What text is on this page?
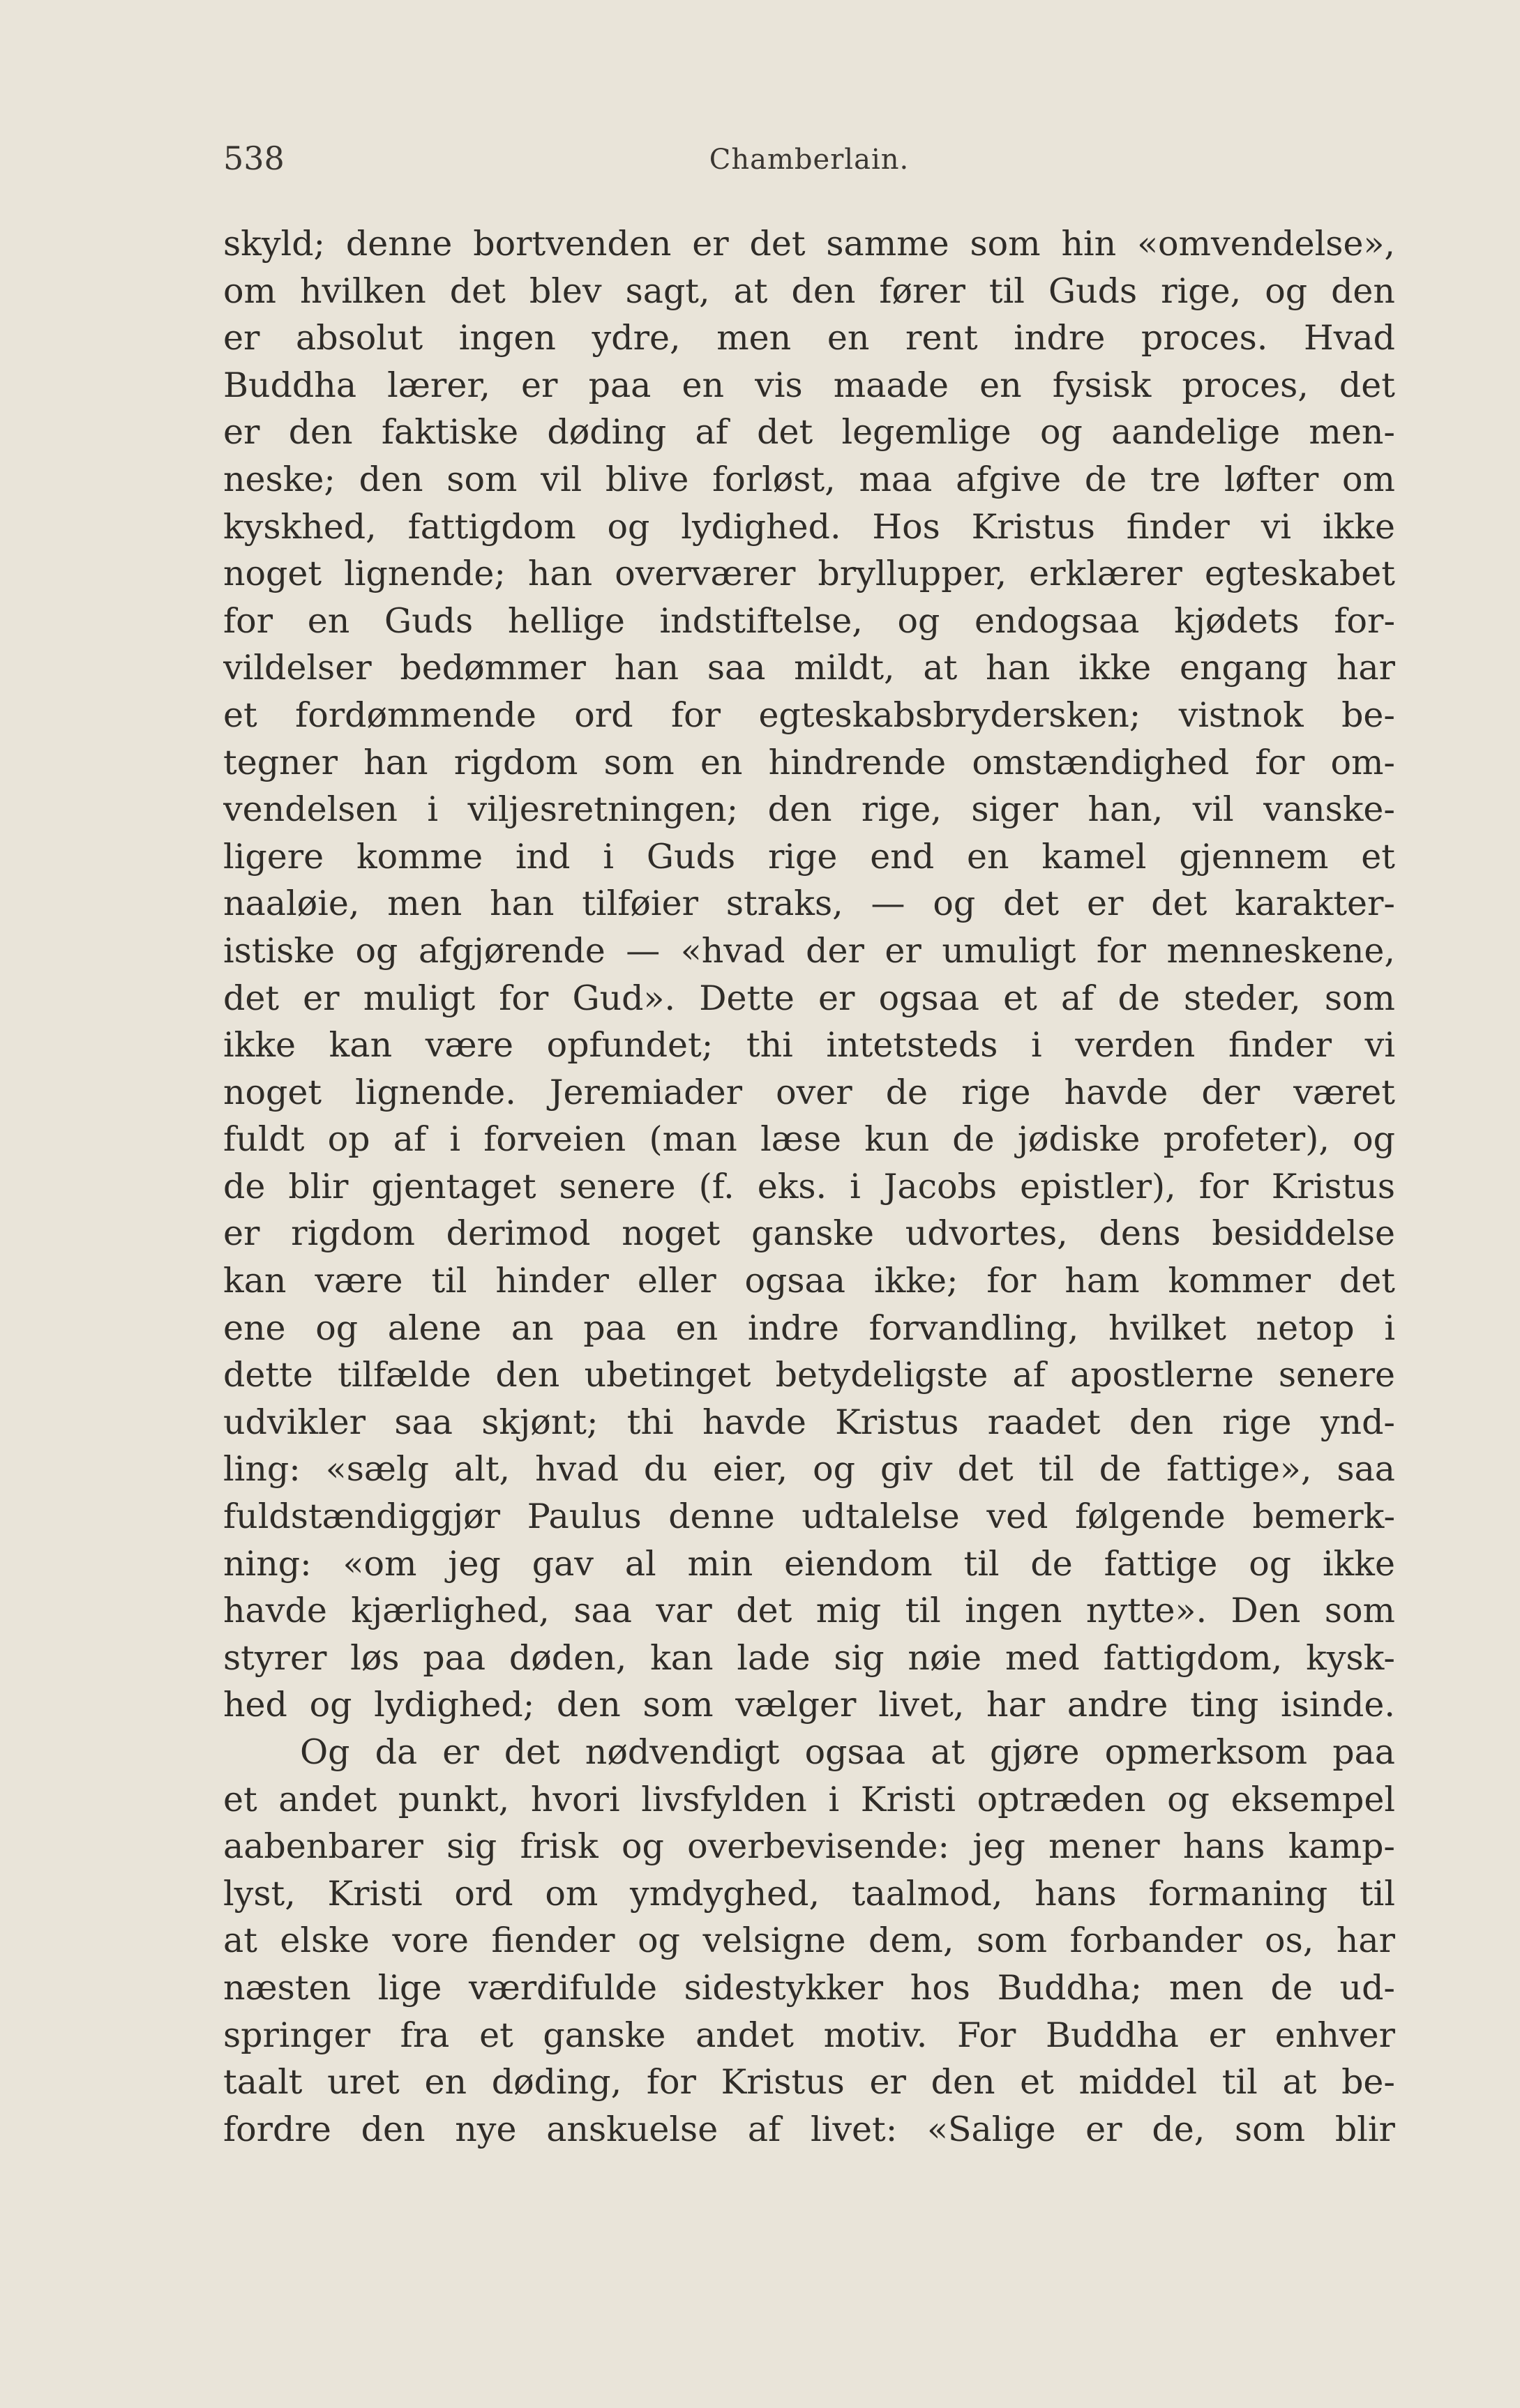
538	Chamberlain.
skyld; denne bortvenden er det samme som hin «omvendelse»,
om hvilken det blev sagt, at den fører til Guds rige, og den
er absolut ingen ydre, men en rent indre proces. Hvad
Buddha lærer, er paa en vis maade en fysisk proces, det
er den faktiske døding af det legemlige og aandelige men-
neske; den som vil blive forløst, maa afgive de tre løfter om
kyskhed, fattigdom og lydighed. Hos Kristus finder vi ikke
noget lignende; han overværer bryllupper, erklærer egteskabet
for en Guds hellige indstiftelse, og endogsaa kjødets for-
vildelser bedømmer han saa mildt, at han ikke engang har
et fordømmende ord for egteskabsbrydersken; vistnok be-
tegner han rigdom som en hindrende omstændighed for om-
vendelsen i viljesretningen; den rige, siger han, vil vanske-
ligere komme ind i Guds rige end en kamel gjennem et
naaløie, men han tilføier straks, — og det er det karakter-
istiske og afgjørende — «hvad der er umuligt for menneskene,
det er muligt for Gud». Dette er ogsaa et af de steder, som
ikke kan være opfundet; thi intetsteds i verden finder vi
noget lignende. Jeremiader over de rige havde der været
fuldt op af i forveien (man læse kun de jødiske profeter), og
de blir gjentaget senere (f. eks. i Jacobs epistler), for Kristus
er rigdom derimod noget ganske udvortes, dens besiddelse
kan være til hinder eller ogsaa ikke; for ham kommer det
ene og alene an paa en indre forvandling, hvilket netop i
dette tilfælde den ubetinget betydeligste af apostlerne senere
udvikler saa skjønt; thi havde Kristus raadet den rige ynd-
ling: «sælg alt, hvad du eier, og giv det til de fattige», saa
fuldstændiggjør Paulus denne udtalelse ved følgende bemerk-
ning: «om jeg gav al min eiendom til de fattige og ikke
havde kjærlighed, saa var det mig til ingen nytte». Den som
styrer løs paa døden, kan lade sig nøie med fattigdom, kysk-
hed og lydighed; den som vælger livet, har andre ting isinde.
Og da er det nødvendigt ogsaa at gjøre opmerksom paa
et andet punkt, hvori livsfylden i Kristi optræden og eksempel
aabenbarer sig frisk og overbevisende: jeg mener hans kamp-
lyst, Kristi ord om ymdyghed, taalmod, hans formaning til
at elske vore fiender og velsigne dem, som forbander os, har
næsten lige værdifulde sidestykker hos Buddha; men de ud-
springer fra et ganske andet motiv. For Buddha er enhver
taalt uret en døding, for Kristus er den et middel til at be-
fordre den nye anskuelse af livet: «Salige er de, som blir
